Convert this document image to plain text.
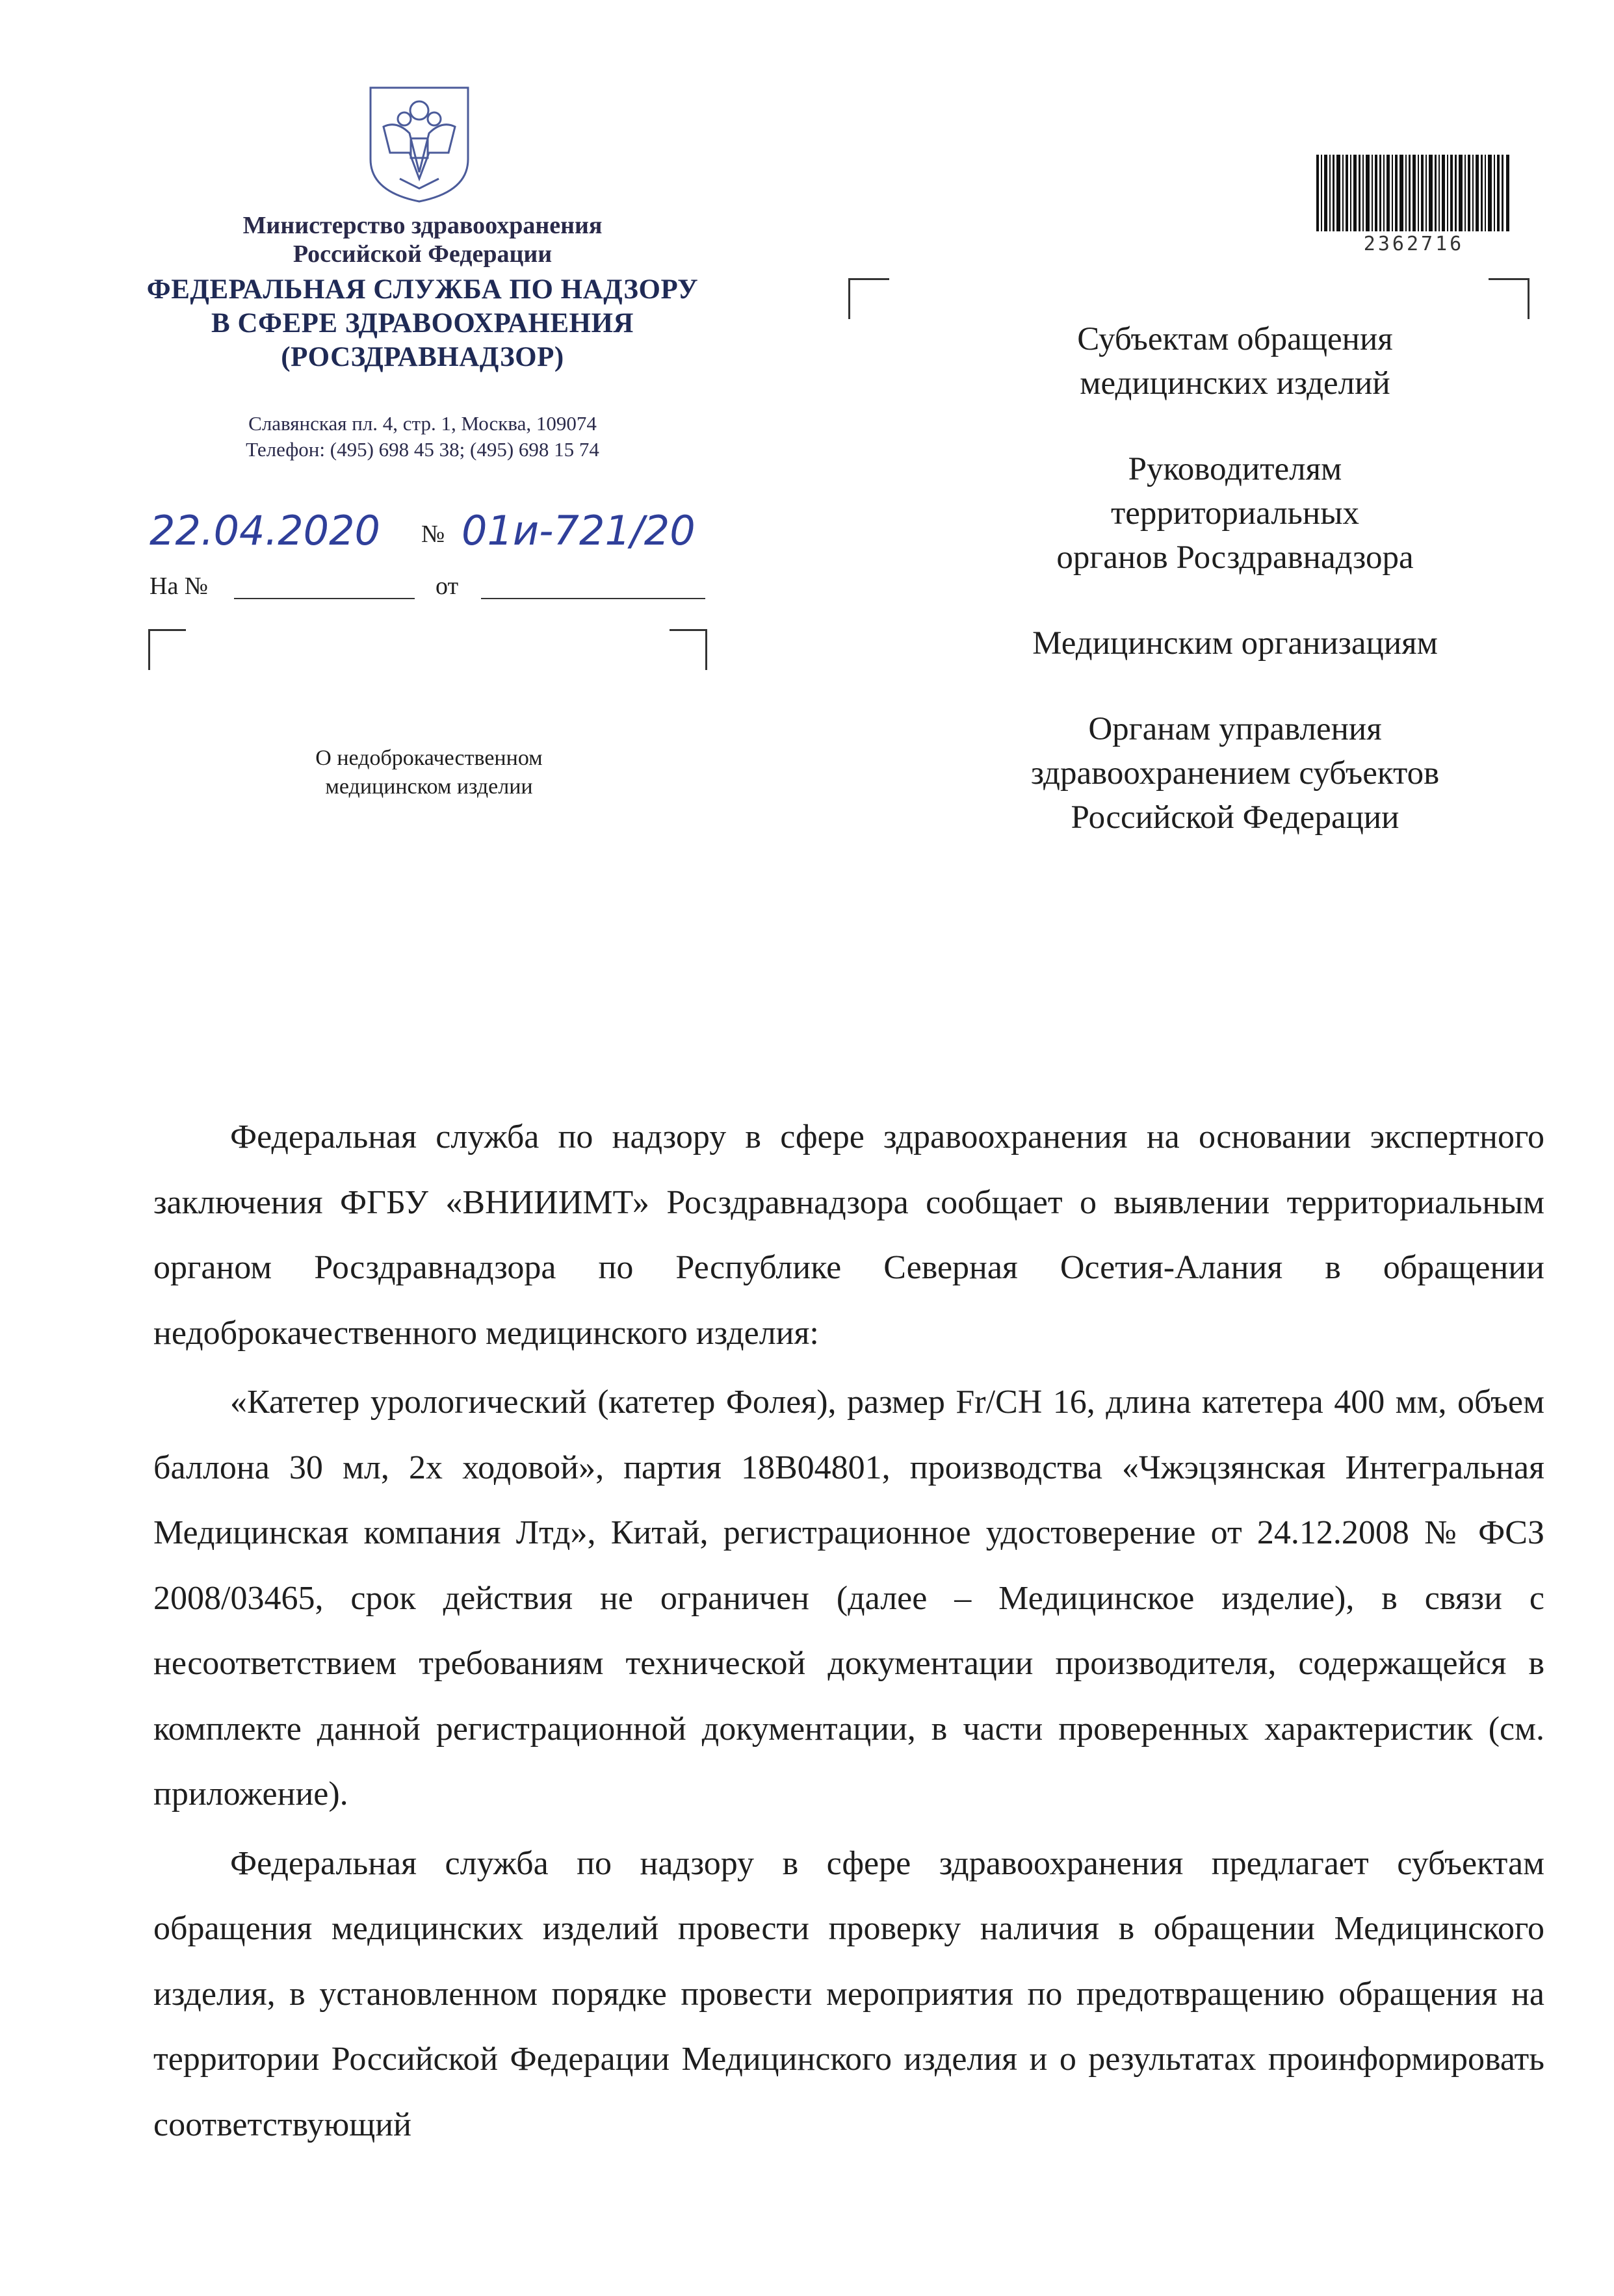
Министерство здравоохранения
Российской Федерации
ФЕДЕРАЛЬНАЯ СЛУЖБА ПО НАДЗОРУ
В СФЕРЕ ЗДРАВООХРАНЕНИЯ
(РОСЗДРАВНАДЗОР)
Славянская пл. 4, стр. 1, Москва, 109074
Телефон: (495) 698 45 38; (495) 698 15 74
22.04.2020 № 01и-721/20
На №	от
О недоброкачественном
медицинском изделии
2362716

Субъектам обращения
медицинских изделий

Руководителям
территориальных
органов Росздравнадзора

Медицинским организациям

Органам управления
здравоохранением субъектов
Российской Федерации

Федеральная служба по надзору в сфере здравоохранения на основании экспертного заключения ФГБУ «ВНИИИМТ» Росздравнадзора сообщает о выявлении территориальным органом Росздравнадзора по Республике Северная Осетия-Алания в обращении недоброкачественного медицинского изделия:

«Катетер урологический (катетер Фолея), размер Fr/CH 16, длина катетера 400 мм, объем баллона 30 мл, 2х ходовой», партия 18В04801, производства «Чжэцзянская Интегральная Медицинская компания Лтд», Китай, регистрационное удостоверение от 24.12.2008 № ФСЗ 2008/03465, срок действия не ограничен (далее – Медицинское изделие), в связи с несоответствием требованиям технической документации производителя, содержащейся в комплекте данной регистрационной документации, в части проверенных характеристик (см. приложение).

Федеральная служба по надзору в сфере здравоохранения предлагает субъектам обращения медицинских изделий провести проверку наличия в обращении Медицинского изделия, в установленном порядке провести мероприятия по предотвращению обращения на территории Российской Федерации Медицинского изделия и о результатах проинформировать соответствующий
